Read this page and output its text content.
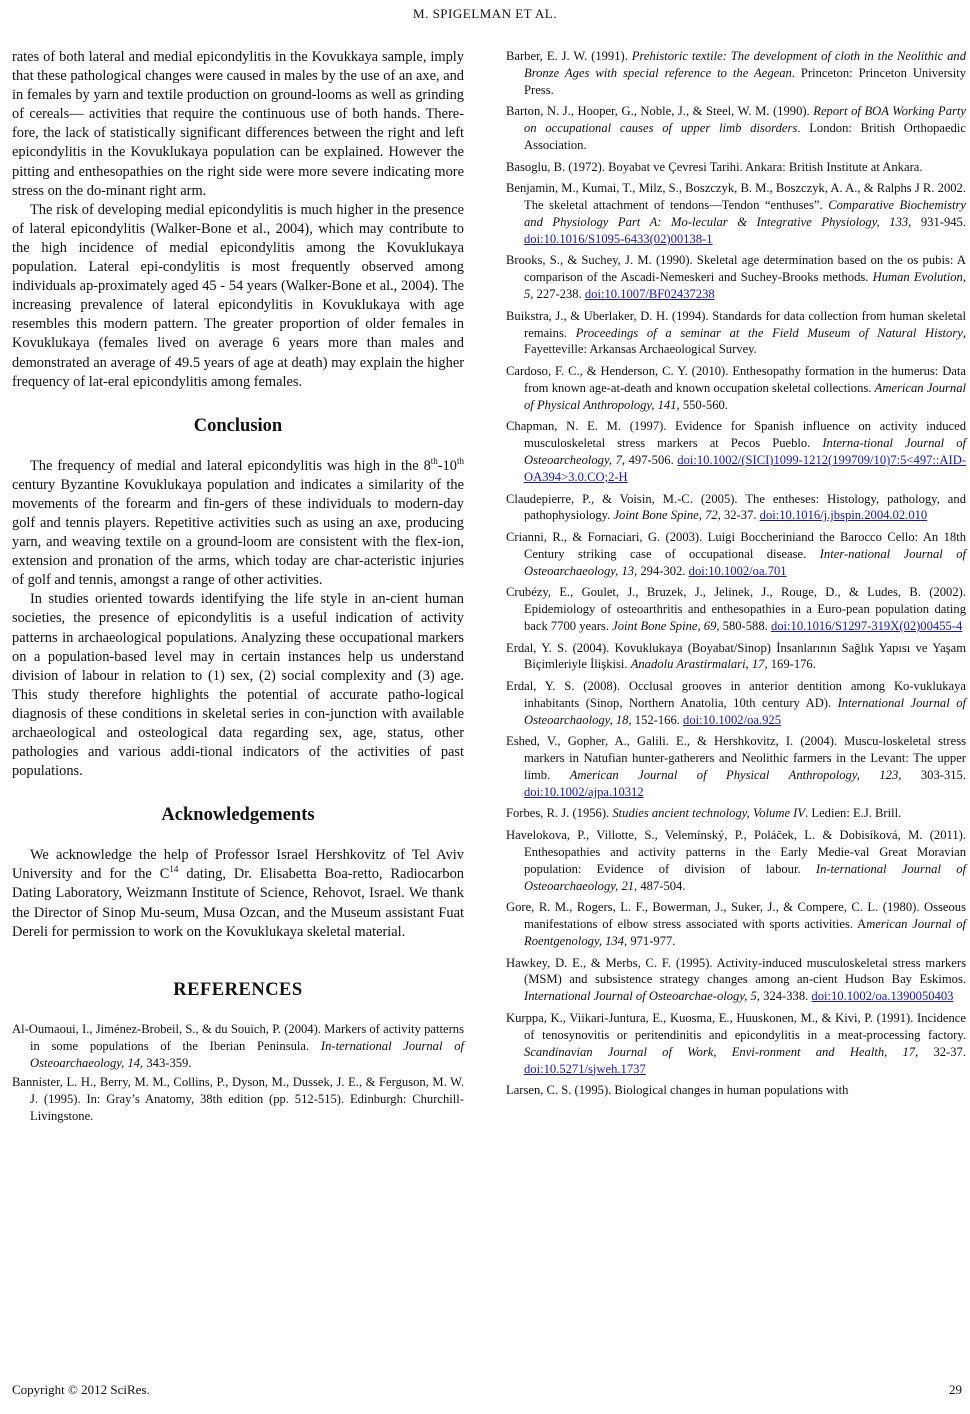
M. SPIGELMAN ET AL.

rates of both lateral and medial epicondylitis in the Kovukkaya sample, imply that these pathological changes were caused in males by the use of an axe, and in females by yarn and textile production on ground-looms as well as grinding of cereals— activities that require the continuous use of both hands. There-fore, the lack of statistically significant differences between the right and left epicondylitis in the Kovuklukaya population can be explained. However the pitting and enthesopathies on the right side were more severe indicating more stress on the do-minant right arm.

The risk of developing medial epicondylitis is much higher in the presence of lateral epicondylitis (Walker-Bone et al., 2004), which may contribute to the high incidence of medial epicondylitis among the Kovuklukaya population. Lateral epi-condylitis is most frequently observed among individuals ap-proximately aged 45 - 54 years (Walker-Bone et al., 2004). The increasing prevalence of lateral epicondylitis in Kovuklukaya with age resembles this modern pattern. The greater proportion of older females in Kovuklukaya (females lived on average 6 years more than males and demonstrated an average of 49.5 years of age at death) may explain the higher frequency of lat-eral epicondylitis among females.

Conclusion

The frequency of medial and lateral epicondylitis was high in the 8th-10th century Byzantine Kovuklukaya population and indicates a similarity of the movements of the forearm and fin-gers of these individuals to modern-day golf and tennis players. Repetitive activities such as using an axe, producing yarn, and weaving textile on a ground-loom are consistent with the flex-ion, extension and pronation of the arms, which today are char-acteristic injuries of golf and tennis, amongst a range of other activities.

In studies oriented towards identifying the life style in an-cient human societies, the presence of epicondylitis is a useful indication of activity patterns in archaeological populations. Analyzing these occupational markers on a population-based level may in certain instances help us understand division of labour in relation to (1) sex, (2) social complexity and (3) age. This study therefore highlights the potential of accurate patho-logical diagnosis of these conditions in skeletal series in con-junction with available archaeological and osteological data regarding sex, age, status, other pathologies and various addi-tional indicators of the activities of past populations.

Acknowledgements

We acknowledge the help of Professor Israel Hershkovitz of Tel Aviv University and for the $C^{14}$ dating, Dr. Elisabetta Boa-retto, Radiocarbon Dating Laboratory, Weizmann Institute of Science, Rehovot, Israel. We thank the Director of Sinop Mu-seum, Musa Ozcan, and the Museum assistant Fuat Dereli for permission to work on the Kovuklukaya skeletal material.

REFERENCES
Al-Oumaoui, I., Jiménez-Brobeil, S., & du Souich, P. (2004). Markers of activity patterns in some populations of the Iberian Peninsula. In-ternational Journal of Osteoarchaeology, 14, 343-359.
Bannister, L. H., Berry, M. M., Collins, P., Dyson, M., Dussek, J. E., & Ferguson, M. W. J. (1995). In: Gray’s Anatomy, 38th edition (pp. 512-515). Edinburgh: Churchill-Livingstone.
Barber, E. J. W. (1991). Prehistoric textile: The development of cloth in the Neolithic and Bronze Ages with special reference to the Aegean. Princeton: Princeton University Press.
Barton, N. J., Hooper, G., Noble, J., & Steel, W. M. (1990). Report of BOA Working Party on occupational causes of upper limb disorders. London: British Orthopaedic Association.
Basoglu, B. (1972). Boyabat ve Çevresi Tarihi. Ankara: British Institute at Ankara.
Benjamin, M., Kumai, T., Milz, S., Boszczyk, B. M., Boszczyk, A. A., & Ralphs J R. 2002. The skeletal attachment of tendons—Tendon “enthuses”. Comparative Biochemistry and Physiology Part A: Mo-lecular & Integrative Physiology, 133, 931-945. doi:10.1016/S1095-6433(02)00138-1
Brooks, S., & Suchey, J. M. (1990). Skeletal age determination based on the os pubis: A comparison of the Ascadi-Nemeskeri and Suchey-Brooks methods. Human Evolution, 5, 227-238. doi:10.1007/BF02437238
Buikstra, J., & Uberlaker, D. H. (1994). Standards for data collection from human skeletal remains. Proceedings of a seminar at the Field Museum of Natural History, Fayetteville: Arkansas Archaeological Survey.
Cardoso, F. C., & Henderson, C. Y. (2010). Enthesopathy formation in the humerus: Data from known age-at-death and known occupation skeletal collections. American Journal of Physical Anthropology, 141, 550-560.
Chapman, N. E. M. (1997). Evidence for Spanish influence on activity induced musculoskeletal stress markers at Pecos Pueblo. Interna-tional Journal of Osteoarcheology, 7, 497-506. doi:10.1002/(SICI)1099-1212(199709/10)7:5<497::AID-OA394>3.0.CO;2-H
Claudepierre, P., & Voisin, M.-C. (2005). The entheses: Histology, pathology, and pathophysiology. Joint Bone Spine, 72, 32-37. doi:10.1016/j.jbspin.2004.02.010
Crianni, R., & Fornaciari, G. (2003). Luigi Boccheriniand the Barocco Cello: An 18th Century striking case of occupational disease. Inter-national Journal of Osteoarchaeology, 13, 294-302. doi:10.1002/oa.701
Crubézy, E., Goulet, J., Bruzek, J., Jelinek, J., Rouge, D., & Ludes, B. (2002). Epidemiology of osteoarthritis and enthesopathies in a Euro-pean population dating back 7700 years. Joint Bone Spine, 69, 580-588. doi:10.1016/S1297-319X(02)00455-4
Erdal, Y. S. (2004). Kovuklukaya (Boyabat/Sinop) İnsanlarının Sağlık Yapısı ve Yaşam Biçimleriyle İlişkisi. Anadolu Arastirmalari, 17, 169-176.
Erdal, Y. S. (2008). Occlusal grooves in anterior dentition among Ko-vuklukaya inhabitants (Sinop, Northern Anatolia, 10th century AD). International Journal of Osteoarchaology, 18, 152-166. doi:10.1002/oa.925
Eshed, V., Gopher, A., Galili. E., & Hershkovitz, I. (2004). Muscu-loskeletal stress markers in Natufian hunter-gatherers and Neolithic farmers in the Levant: The upper limb. American Journal of Physical Anthropology, 123, 303-315. doi:10.1002/ajpa.10312
Forbes, R. J. (1956). Studies ancient technology, Volume IV. Ledien: E.J. Brill.
Havelokova, P., Villotte, S., Velemínský, P., Poláček, L. & Dobisíková, M. (2011). Enthesopathies and activity patterns in the Early Medie-val Great Moravian population: Evidence of division of labour. In-ternational Journal of Osteoarchaeology, 21, 487-504.
Gore, R. M., Rogers, L. F., Bowerman, J., Suker, J., & Compere, C. L. (1980). Osseous manifestations of elbow stress associated with sports activities. American Journal of Roentgenology, 134, 971-977.
Hawkey, D. E., & Merbs, C. F. (1995). Activity-induced musculoskeletal stress markers (MSM) and subsistence strategy changes among an-cient Hudson Bay Eskimos. International Journal of Osteoarchae-ology, 5, 324-338. doi:10.1002/oa.1390050403
Kurppa, K., Viikari-Juntura, E., Kuosma, E., Huuskonen, M., & Kivi, P. (1991). Incidence of tenosynovitis or peritendinitis and epicondylitis in a meat-processing factory. Scandinavian Journal of Work, Envi-ronment and Health, 17, 32-37. doi:10.5271/sjweh.1737
Larsen, C. S. (1995). Biological changes in human populations with
Copyright © 2012 SciRes.	29
